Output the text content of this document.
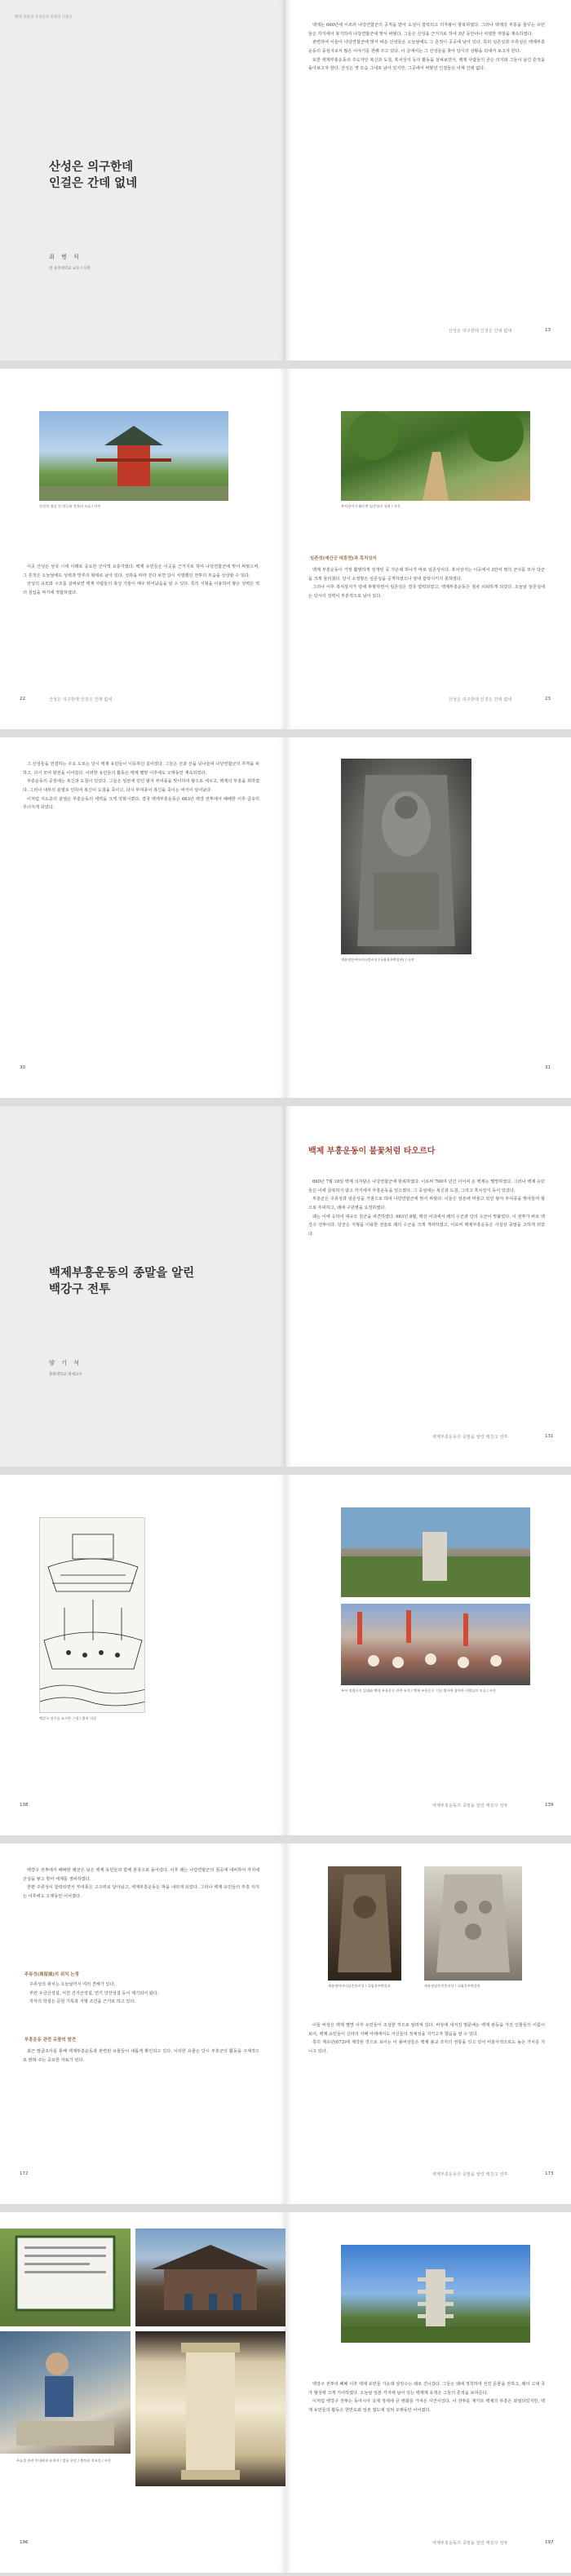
백제 상용장 산성공의 전쟁과 인물들
산성은 의구한데
인걸은 간데 없네
최 병 식
전 공주대학교 교수 / 사학

백제는 660년에 이르러 나당연합군의 공격을 받아 도성이 함락되고 의자왕이 항복하였다. 그러나 백제의 부흥을 꿈꾸는 유민들은 각지에서 봉기하여 나당연합군에 맞서 싸웠다. 그들은 산성을 근거지로 하여 3년 동안이나 치열한 저항을 계속하였다.

관련하여 이들이 나당연합군에 맞서 싸운 산성들은 오늘날에도 그 흔적이 곳곳에 남아 있다. 특히 임존성과 주류성은 백제부흥운동의 중심지로서 많은 이야기를 전해 주고 있다. 이 글에서는 그 산성들을 찾아 당시의 상황을 되새겨 보고자 한다.

또한 백제부흥운동의 주도자인 복신과 도침, 흑치상지 등의 활동을 살펴보면서, 백제 사람들의 굳은 의지와 그들이 남긴 흔적을 돌아보고자 한다. 산성은 옛 모습 그대로 남아 있지만, 그곳에서 싸웠던 인걸들은 이제 간데 없다.

산성은 의구한데 인걸은 간데 없네	13
산성의 정상 인 망루와 전경의 모습 / 사진

이곳 산성은 삼국 시대 이래로 중요한 군사적 요충지였다. 백제 유민들은 이곳을 근거지로 하여 나당연합군에 맞서 싸웠으며, 그 흔적은 오늘날에도 성벽과 망루의 형태로 남아 있다. 성곽을 따라 걷다 보면 당시 치열했던 전투의 모습을 상상할 수 있다.

산성의 규모와 구조를 살펴보면 백제 사람들의 축성 기술이 매우 뛰어났음을 알 수 있다. 특히 지형을 이용하여 쌓은 성벽은 적의 침입을 막기에 적합하였다.

22	산성은 의구한데 인걸은 간데 없네
흑치상지가 활동한 임존성의 성곽 / 사진
임존성(예산군 대흥면)과 흑치상지

백제 부흥운동이 가장 활발하게 전개된 곳 가운데 하나가 바로 임존성이다. 흑치상지는 이곳에서 3만여 명의 군사를 모아 당군을 크게 물리쳤다. 당시 소정방은 임존성을 공격하였으나 끝내 함락시키지 못하였다.

그러나 이후 흑치상지가 당에 투항하면서 임존성은 결국 함락되었고, 백제부흥운동은 점차 쇠퇴하게 되었다. 오늘날 임존성에는 당시의 성벽이 부분적으로 남아 있다.

산성은 의구한데 인걸은 간데 없네	23

그 산성들을 연결하는 주요 도로는 당시 백제 유민들이 이동하던 길이었다. 그들은 산과 산을 넘나들며 나당연합군의 추격을 피하고, 다시 모여 항전을 이어갔다. 이러한 유민들의 활동은 백제 멸망 이후에도 오랫동안 계속되었다.

부흥운동의 중심에는 복신과 도침이 있었다. 그들은 일본에 있던 왕자 부여풍을 맞이하여 왕으로 세우고, 백제의 부흥을 꾀하였다. 그러나 내부의 분열로 인하여 복신이 도침을 죽이고, 다시 부여풍이 복신을 죽이는 비극이 일어났다.

이처럼 지도층의 분열은 부흥운동의 세력을 크게 약화시켰다. 결국 백제부흥운동은 663년 백강 전투에서 패배한 이후 급속히 무너지게 되었다.

30
계유명전씨아미타불비상 (국립청주박물관) / 사진
31
백제부흥운동의 종말을 알린
백강구 전투
양 기 석
충북대학교 명예교수
백제 부흥운동이 불꽃처럼 타오르다

660년 7월 18일 백제 의자왕은 나당연합군에 항복하였다. 이로써 700여 년간 이어져 온 백제는 멸망하였다. 그러나 백제 유민들은 이에 굴복하지 않고 각지에서 부흥운동을 일으켰다. 그 중심에는 복신과 도침, 그리고 흑치상지 등이 있었다.

부흥군은 주류성과 임존성을 거점으로 하여 나당연합군에 맞서 싸웠다. 이들은 일본에 머물고 있던 왕자 부여풍을 맞아들여 왕으로 추대하고, 왜에 구원병을 요청하였다.

왜는 이에 응하여 대규모 원군을 파견하였다. 663년 8월, 백강 어귀에서 왜의 수군과 당의 수군이 맞붙었다. 이 전투가 바로 백강구 전투이다. 당군은 지형을 이용한 전술로 왜의 수군을 크게 격파하였고, 이로써 백제부흥운동은 사실상 종말을 고하게 되었다.

백제부흥운동의 종말을 알린 백강구 전투	131
백강구 전투를 묘사한 그림 / 출처 미상
138
부여 정림사지 일대와 백제 부흥운동 관련 유적 / 백제 부흥운동 기념 행사에 참여한 사람들의 모습 / 사진
백제부흥운동의 종말을 알린 백강구 전투	139

백강구 전투에서 패배한 왜군은 남은 백제 유민들과 함께 본국으로 돌아갔다. 이후 왜는 나당연합군의 침공에 대비하여 각지에 산성을 쌓고 방어 체계를 정비하였다.

한편 주류성이 함락되면서 부여풍은 고구려로 달아났고, 백제부흥운동은 막을 내리게 되었다. 그러나 백제 유민들의 부흥 의지는 이후에도 오랫동안 이어졌다.

주류성(周留城)의 위치 논쟁
주류성의 위치는 오늘날까지 여러 견해가 있다.
부안 우금산성설, 서천 건지산성설, 연기 당산성설 등이 제기되어 왔다.
각각의 학설은 문헌 기록과 지형 조건을 근거로 하고 있다.
부흥운동 관련 유물의 발견

최근 발굴조사를 통해 백제부흥운동과 관련된 유물들이 새롭게 확인되고 있다. 이러한 유물은 당시 부흥군의 활동을 구체적으로 밝혀 주는 중요한 자료가 된다.

172
계유명아미타삼존불비상 / 국립청주박물관	계유명삼존천불비상 / 국립공주박물관

이들 비상은 백제 멸망 이후 유민들이 조성한 것으로 알려져 있다. 비상에 새겨진 명문에는 백제 관등을 가진 인물들의 이름이 보여, 백제 유민들이 신라의 지배 아래에서도 자신들의 정체성을 지키고자 했음을 알 수 있다.

특히 계유년(673)에 제작된 것으로 보이는 이 불비상들은 백제 불교 조각의 전통을 잇고 있어 미술사적으로도 높은 가치를 지니고 있다.

백제부흥운동의 종말을 알린 백강구 전투	173
주류성 관련 안내판과 유적지 / 발굴 현장 / 출토된 석조물 / 사진
196

백강구 전투의 패배 이후 백제 유민들 가운데 상당수는 왜로 건너갔다. 그들은 왜에 정착하여 선진 문물을 전하고, 왜의 고대 국가 형성에 크게 기여하였다. 오늘날 일본 각지에 남아 있는 백제계 유적은 그들의 흔적을 보여준다.

이처럼 백강구 전투는 동아시아 국제 정세에 큰 변화를 가져온 사건이었다. 이 전투를 계기로 백제의 부흥은 좌절되었지만, 백제 유민들의 활동은 한반도와 일본 열도에 걸쳐 오랫동안 이어졌다.

백제부흥운동의 종말을 알린 백강구 전투	197
